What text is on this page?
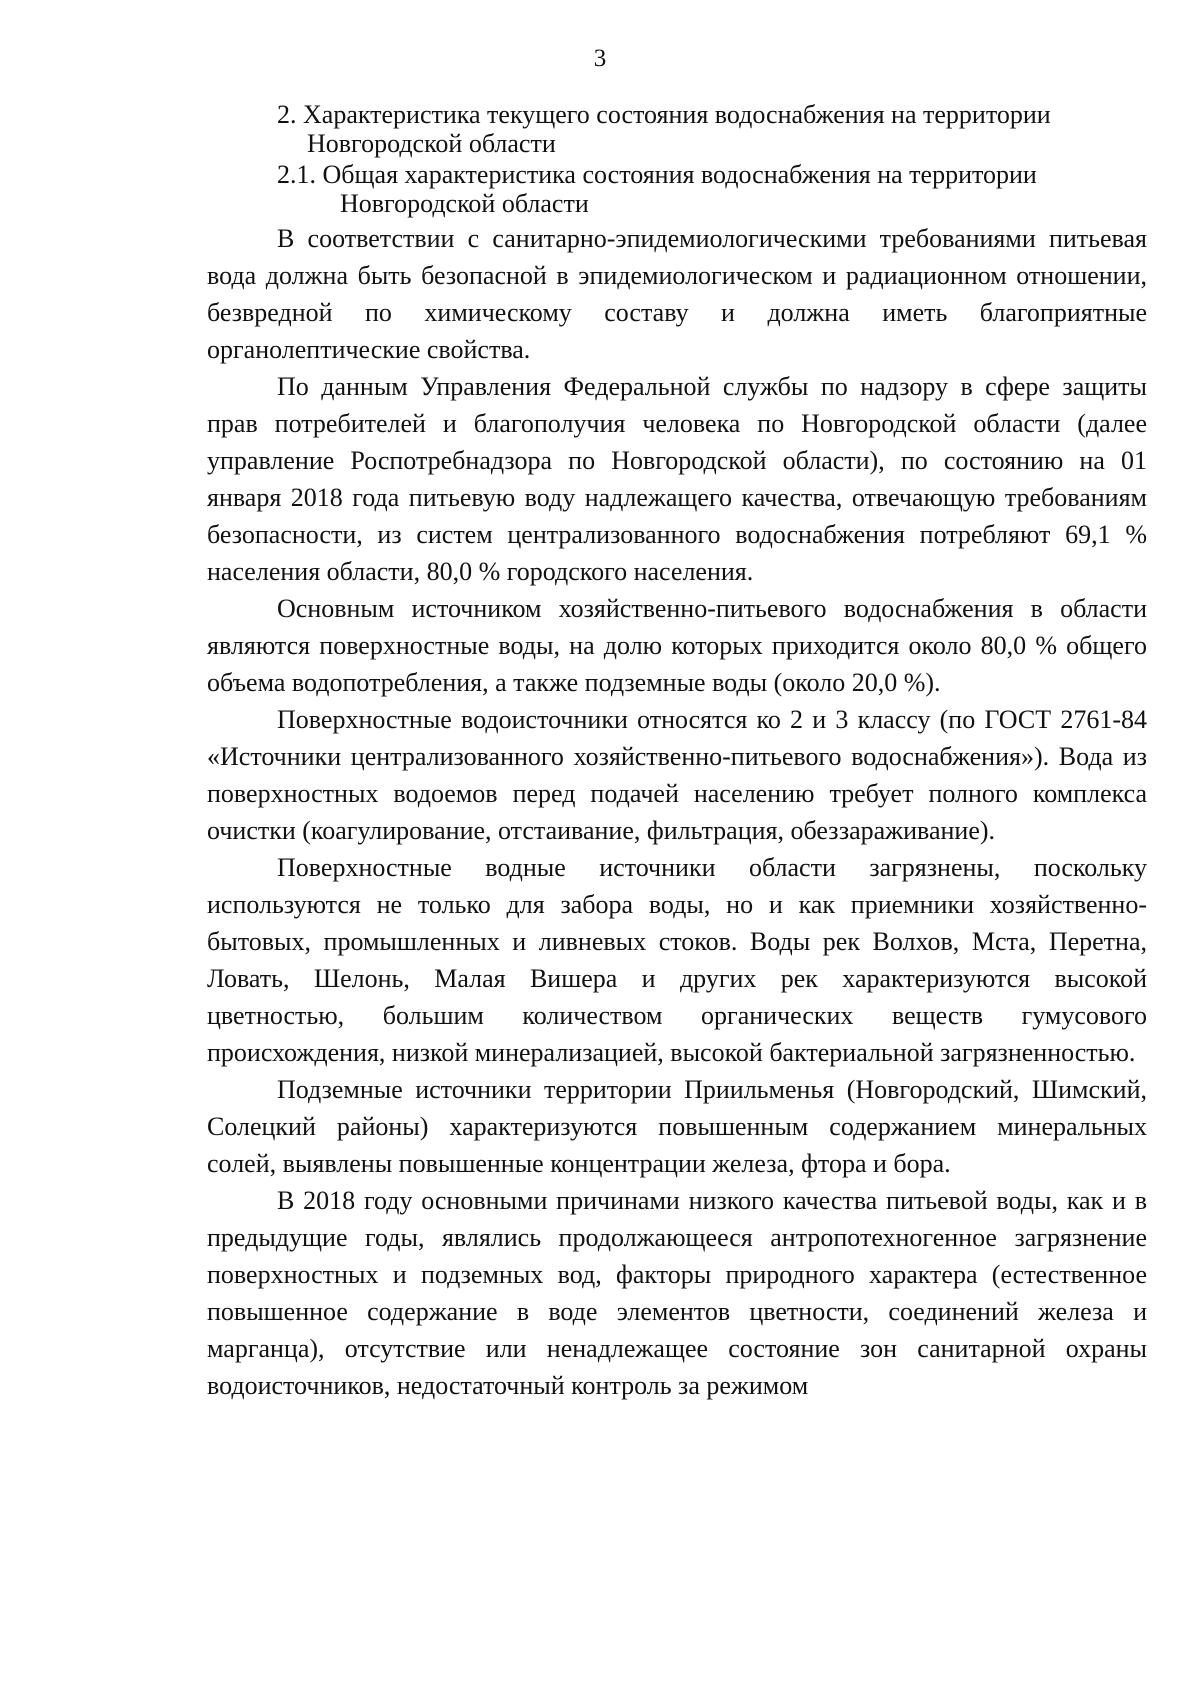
3
2. Характеристика текущего состояния водоснабжения на территории
Новгородской области
2.1. Общая характеристика состояния водоснабжения на территории
Новгородской области

В соответствии с санитарно-эпидемиологическими требованиями питьевая вода должна быть безопасной в эпидемиологическом и радиационном отношении, безвредной по химическому составу и должна иметь благоприятные органолептические свойства.

По данным Управления Федеральной службы по надзору в сфере защиты прав потребителей и благополучия человека по Новгородской области (далее управление Роспотребнадзора по Новгородской области), по состоянию на 01 января 2018 года питьевую воду надлежащего качества, отвечающую требованиям безопасности, из систем централизованного водоснабжения потребляют 69,1 % населения области, 80,0 % городского населения.

Основным источником хозяйственно-питьевого водоснабжения в области являются поверхностные воды, на долю которых приходится около 80,0 % общего объема водопотребления, а также подземные воды (около 20,0 %).

Поверхностные водоисточники относятся ко 2 и 3 классу (по ГОСТ 2761-84 «Источники централизованного хозяйственно-питьевого водоснабжения»). Вода из поверхностных водоемов перед подачей населению требует полного комплекса очистки (коагулирование, отстаивание, фильтрация, обеззараживание).

Поверхностные водные источники области загрязнены, поскольку используются не только для забора воды, но и как приемники хозяйственно-бытовых, промышленных и ливневых стоков. Воды рек Волхов, Мста, Перетна, Ловать, Шелонь, Малая Вишера и других рек характеризуются высокой цветностью, большим количеством органических веществ гумусового происхождения, низкой минерализацией, высокой бактериальной загрязненностью.

Подземные источники территории Приильменья (Новгородский, Шимский, Солецкий районы) характеризуются повышенным содержанием минеральных солей, выявлены повышенные концентрации железа, фтора и бора.

В 2018 году основными причинами низкого качества питьевой воды, как и в предыдущие годы, являлись продолжающееся антропотехногенное загрязнение поверхностных и подземных вод, факторы природного характера (естественное повышенное содержание в воде элементов цветности, соединений железа и марганца), отсутствие или ненадлежащее состояние зон санитарной охраны водоисточников, недостаточный контроль за режимом
